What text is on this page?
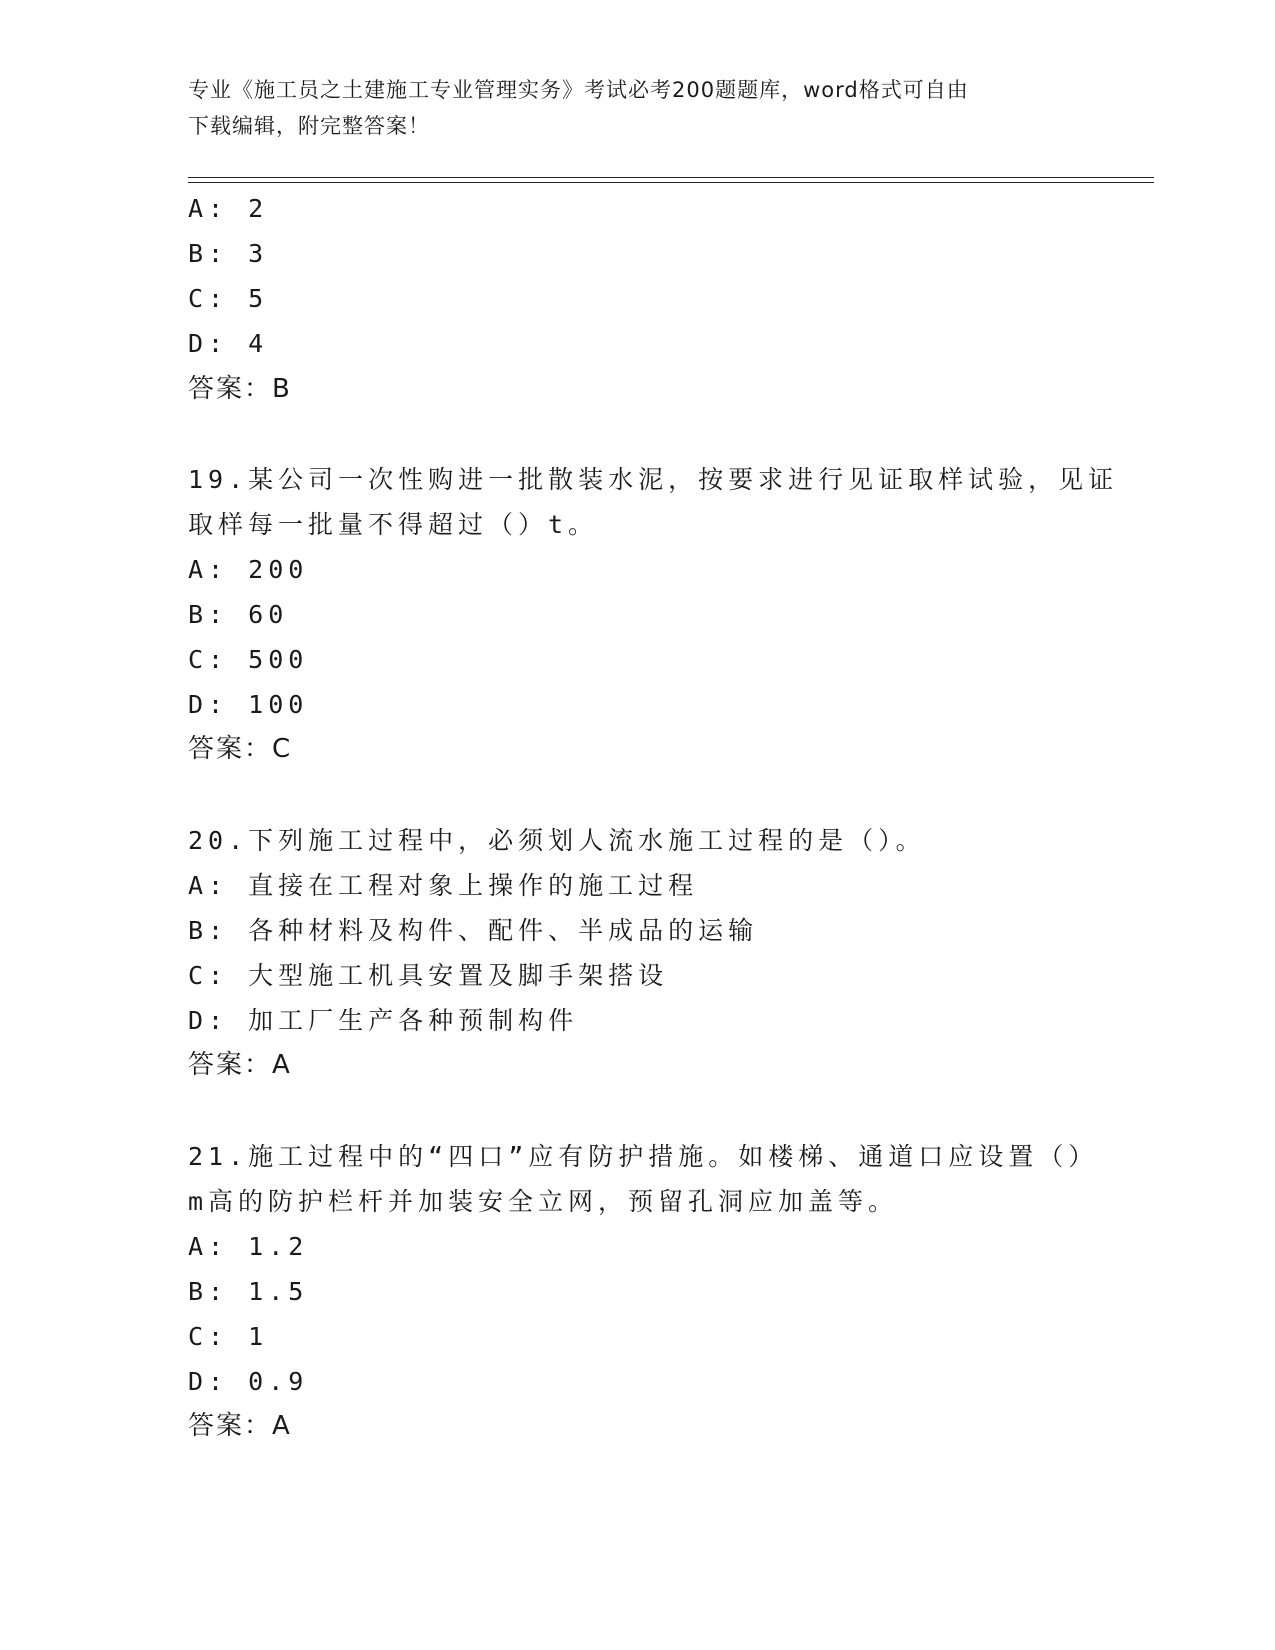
专业《施工员之土建施工专业管理实务》考试必考200题题库，word格式可自由
下载编辑，附完整答案！
A: 2
B: 3
C: 5
D: 4
答案：B
19.某公司一次性购进一批散装水泥，按要求进行见证取样试验，见证
取样每一批量不得超过（）t。
A: 200
B: 60
C: 500
D: 100
答案：C
20.下列施工过程中，必须划人流水施工过程的是（）。
A: 直接在工程对象上操作的施工过程
B: 各种材料及构件、配件、半成品的运输
C: 大型施工机具安置及脚手架搭设
D: 加工厂生产各种预制构件
答案：A
21.施工过程中的“四口”应有防护措施。如楼梯、通道口应设置（）
m高的防护栏杆并加装安全立网，预留孔洞应加盖等。
A: 1.2
B: 1.5
C: 1
D: 0.9
答案：A
